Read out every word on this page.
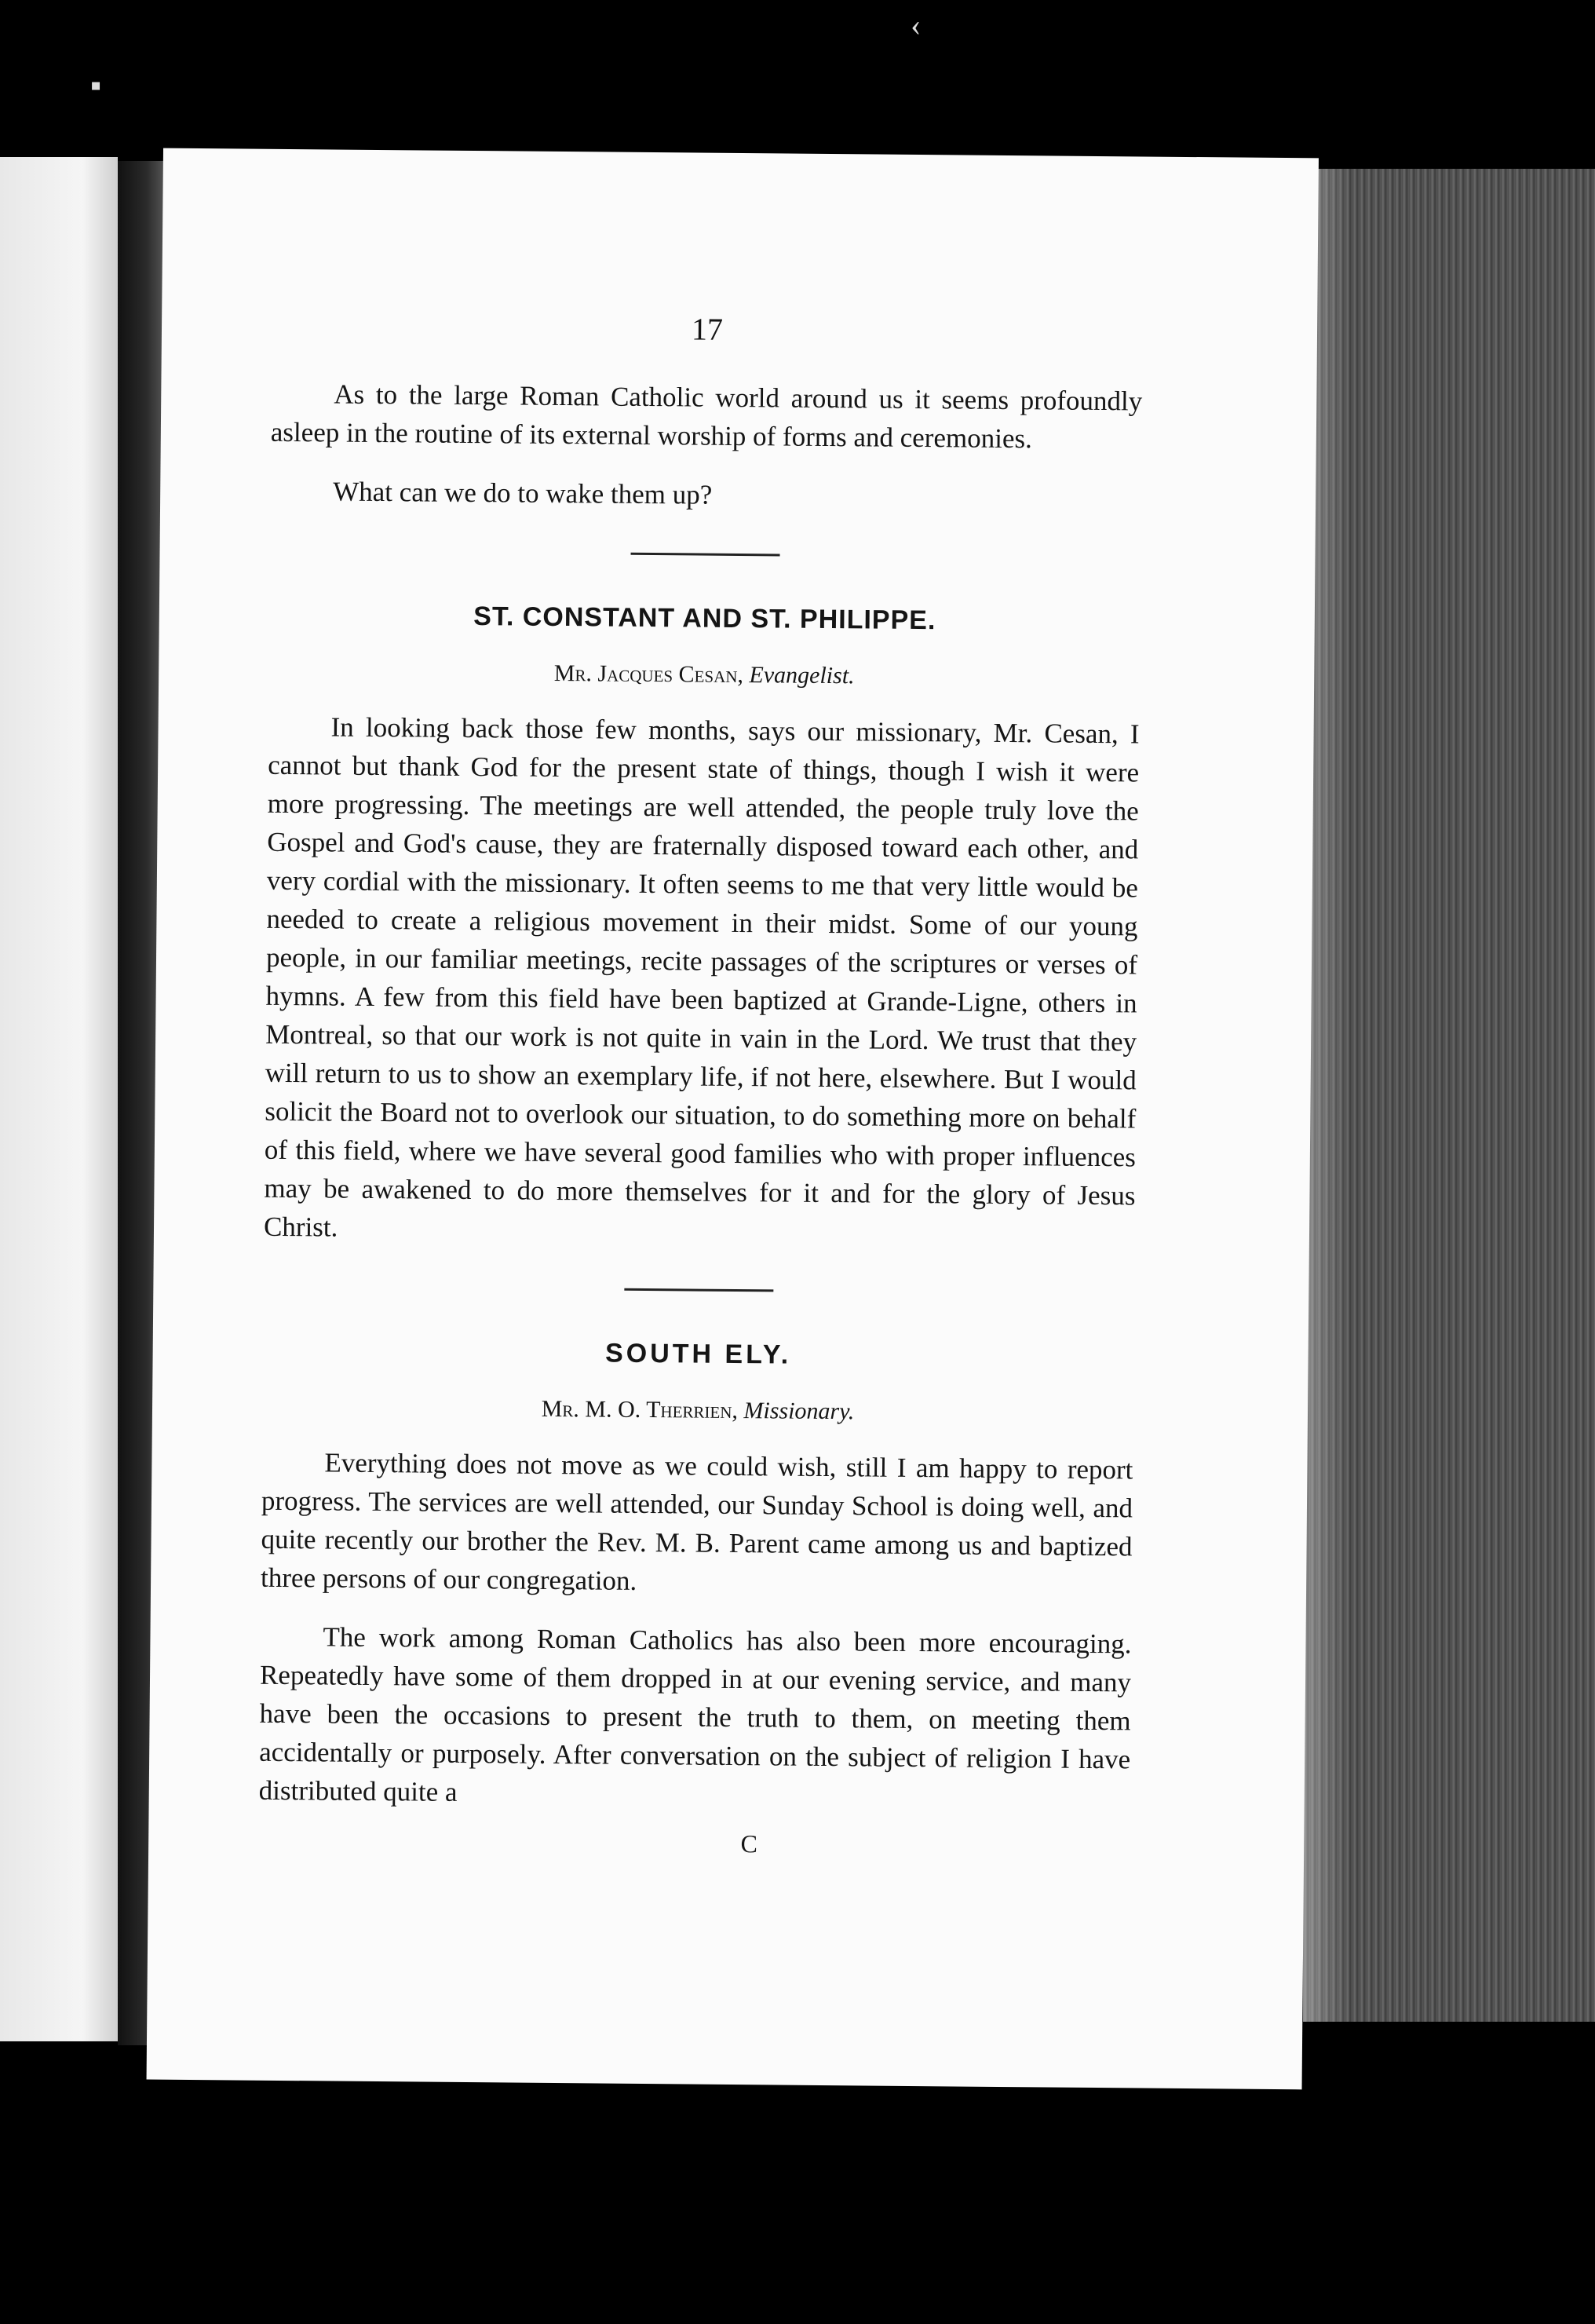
▪
‹

17

As to the large Roman Catholic world around us it seems profoundly asleep in the routine of its external worship of forms and ceremonies.

What can we do to wake them up?

ST. CONSTANT AND ST. PHILIPPE.

Mr. Jacques Cesan, Evangelist.

In looking back those few months, says our missionary, Mr. Cesan, I cannot but thank God for the present state of things, though I wish it were more progressing. The meetings are well attended, the people truly love the Gospel and God's cause, they are fraternally disposed toward each other, and very cordial with the missionary. It often seems to me that very little would be needed to create a religious movement in their midst. Some of our young people, in our familiar meetings, recite passages of the scriptures or verses of hymns. A few from this field have been baptized at Grande-Ligne, others in Montreal, so that our work is not quite in vain in the Lord. We trust that they will return to us to show an exemplary life, if not here, elsewhere. But I would solicit the Board not to overlook our situation, to do something more on behalf of this field, where we have several good families who with proper influences may be awakened to do more themselves for it and for the glory of Jesus Christ.

SOUTH ELY.

Mr. M. O. Therrien, Missionary.

Everything does not move as we could wish, still I am happy to report progress. The services are well attended, our Sunday School is doing well, and quite recently our brother the Rev. M. B. Parent came among us and baptized three persons of our congregation.

The work among Roman Catholics has also been more encouraging. Repeatedly have some of them dropped in at our evening service, and many have been the occasions to present the truth to them, on meeting them accidentally or purposely. After conversation on the subject of religion I have distributed quite a

C
